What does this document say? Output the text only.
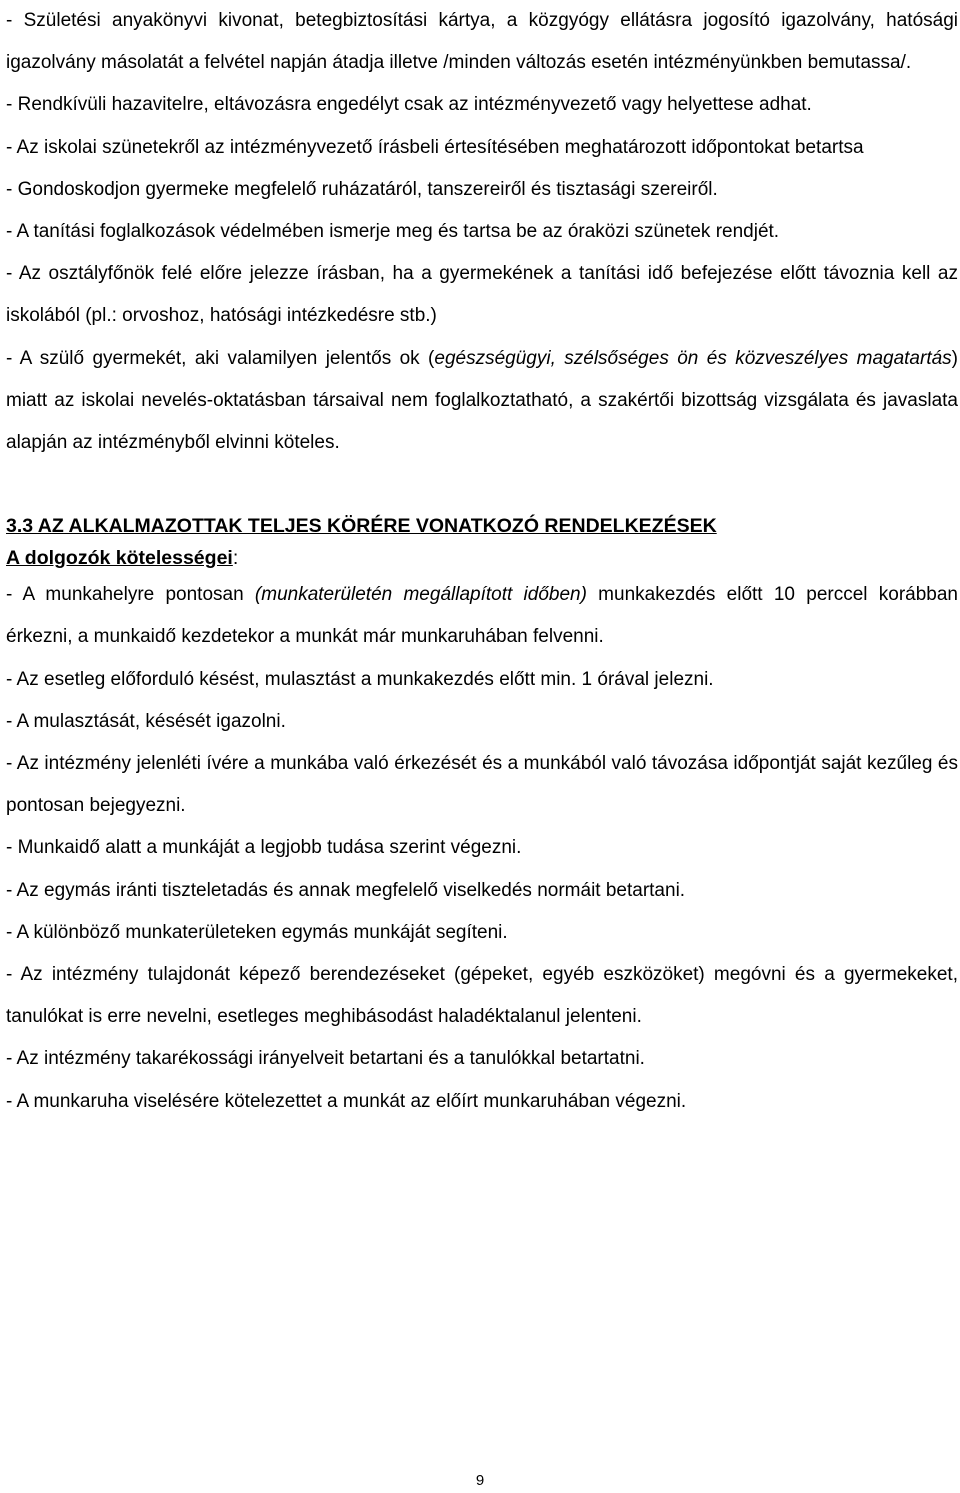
- Születési anyakönyvi kivonat, betegbiztosítási kártya, a közgyógy ellátásra jogosító igazolvány, hatósági igazolvány másolatát a felvétel napján átadja illetve /minden változás esetén intézményünkben bemutassa/.

- Rendkívüli hazavitelre, eltávozásra engedélyt csak az intézményvezető vagy helyettese adhat.

- Az iskolai szünetekről az intézményvezető írásbeli értesítésében meghatározott időpontokat betartsa

- Gondoskodjon gyermeke megfelelő ruházatáról, tanszereiről és tisztasági szereiről.

- A tanítási foglalkozások védelmében ismerje meg és tartsa be az óraközi szünetek rendjét.

- Az osztályfőnök felé előre jelezze írásban, ha a gyermekének a tanítási idő befejezése előtt távoznia kell az iskolából (pl.: orvoshoz, hatósági intézkedésre stb.)

- A szülő gyermekét, aki valamilyen jelentős ok (egészségügyi, szélsőséges ön és közveszélyes magatartás) miatt az iskolai nevelés-oktatásban társaival nem foglalkoztatható, a szakértői bizottság vizsgálata és javaslata alapján az intézményből elvinni köteles.

3.3 AZ ALKALMAZOTTAK TELJES KÖRÉRE VONATKOZÓ RENDELKEZÉSEK

A dolgozók kötelességei:

- A munkahelyre pontosan (munkaterületén megállapított időben) munkakezdés előtt 10 perccel korábban érkezni, a munkaidő kezdetekor a munkát már munkaruhában felvenni.

- Az esetleg előforduló késést, mulasztást a munkakezdés előtt min. 1 órával jelezni.

- A mulasztását, késését igazolni.

- Az intézmény jelenléti ívére a munkába való érkezését és a munkából való távozása időpontját saját kezűleg és pontosan bejegyezni.

- Munkaidő alatt a munkáját a legjobb tudása szerint végezni.

- Az egymás iránti tiszteletadás és annak megfelelő viselkedés normáit betartani.

- A különböző munkaterületeken egymás munkáját segíteni.

- Az intézmény tulajdonát képező berendezéseket (gépeket, egyéb eszközöket) megóvni és a gyermekeket, tanulókat is erre nevelni, esetleges meghibásodást haladéktalanul jelenteni.

- Az intézmény takarékossági irányelveit betartani és a tanulókkal betartatni.

- A munkaruha viselésére kötelezettet a munkát az előírt munkaruhában végezni.

9
